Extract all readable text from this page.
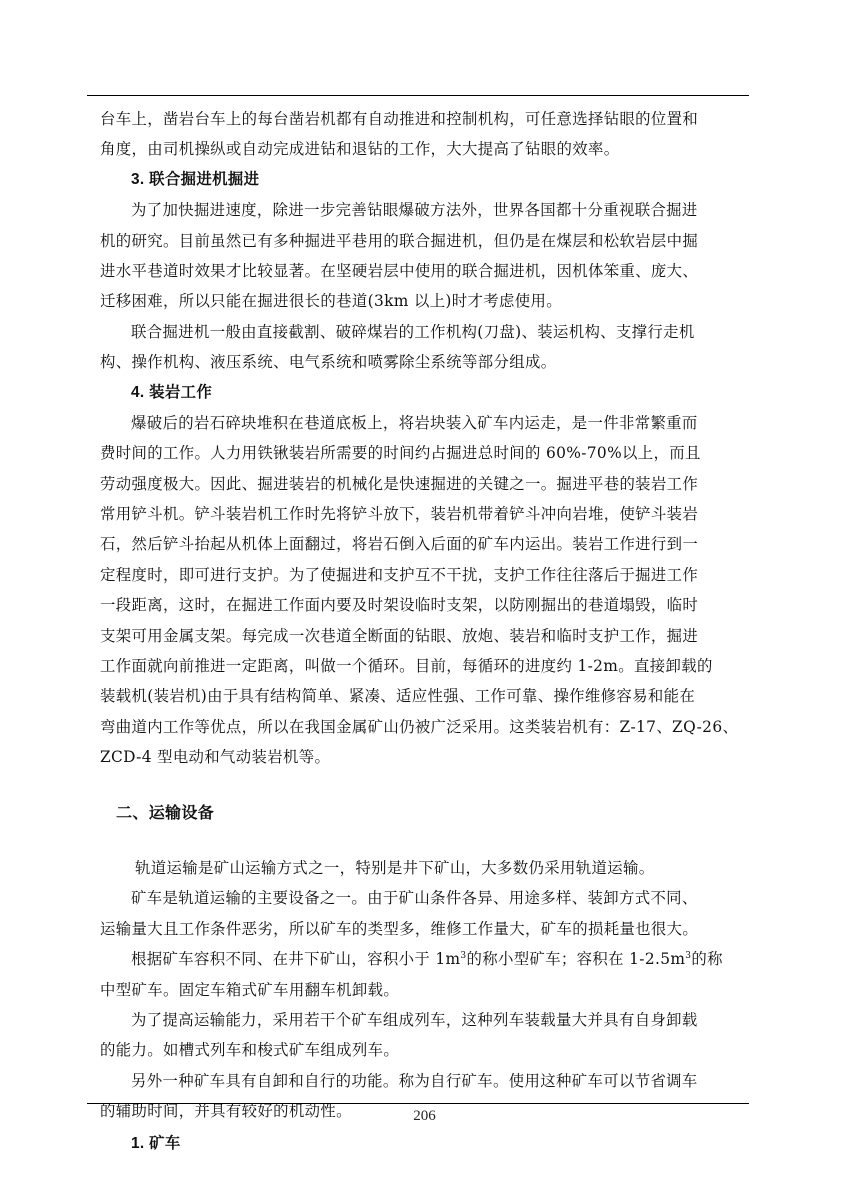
台车上，凿岩台车上的每台凿岩机都有自动推进和控制机构，可任意选择钻眼的位置和
角度，由司机操纵或自动完成进钻和退钻的工作，大大提高了钻眼的效率。
3. 联合掘进机掘进
为了加快掘进速度，除进一步完善钻眼爆破方法外，世界各国都十分重视联合掘进
机的研究。目前虽然已有多种掘进平巷用的联合掘进机，但仍是在煤层和松软岩层中掘
进水平巷道时效果才比较显著。在坚硬岩层中使用的联合掘进机，因机体笨重、庞大、
迁移困难，所以只能在掘进很长的巷道(3km 以上)时才考虑使用。
联合掘进机一般由直接截割、破碎煤岩的工作机构(刀盘)、装运机构、支撑行走机
构、操作机构、液压系统、电气系统和喷雾除尘系统等部分组成。
4. 装岩工作
爆破后的岩石碎块堆积在巷道底板上，将岩块装入矿车内运走，是一件非常繁重而
费时间的工作。人力用铁锹装岩所需要的时间约占掘进总时间的 60%-70%以上，而且
劳动强度极大。因此、掘进装岩的机械化是快速掘进的关键之一。掘进平巷的装岩工作
常用铲斗机。铲斗装岩机工作时先将铲斗放下，装岩机带着铲斗冲向岩堆，使铲斗装岩
石，然后铲斗抬起从机体上面翻过，将岩石倒入后面的矿车内运出。装岩工作进行到一
定程度时，即可进行支护。为了使掘进和支护互不干扰，支护工作往往落后于掘进工作
一段距离，这时，在掘进工作面内要及时架设临时支架，以防刚掘出的巷道塌毁，临时
支架可用金属支架。每完成一次巷道全断面的钻眼、放炮、装岩和临时支护工作，掘进
工作面就向前推进一定距离，叫做一个循环。目前，每循环的进度约 1-2m。直接卸载的
装载机(装岩机)由于具有结构简单、紧凑、适应性强、工作可靠、操作维修容易和能在
弯曲道内工作等优点，所以在我国金属矿山仍被广泛采用。这类装岩机有：Z-17、ZQ-26、
ZCD-4 型电动和气动装岩机等。
二、运输设备
轨道运输是矿山运输方式之一，特别是井下矿山，大多数仍采用轨道运输。
矿车是轨道运输的主要设备之一。由于矿山条件各异、用途多样、装卸方式不同、
运输量大且工作条件恶劣，所以矿车的类型多，维修工作量大，矿车的损耗量也很大。
根据矿车容积不同、在井下矿山，容积小于 $1m^3$的称小型矿车；容积在 $1-2.5m^3$的称
中型矿车。固定车箱式矿车用翻车机卸载。
为了提高运输能力，采用若干个矿车组成列车，这种列车装载量大并具有自身卸载
的能力。如槽式列车和梭式矿车组成列车。
另外一种矿车具有自卸和自行的功能。称为自行矿车。使用这种矿车可以节省调车
的辅助时间，并具有较好的机动性。
1. 矿车
206
